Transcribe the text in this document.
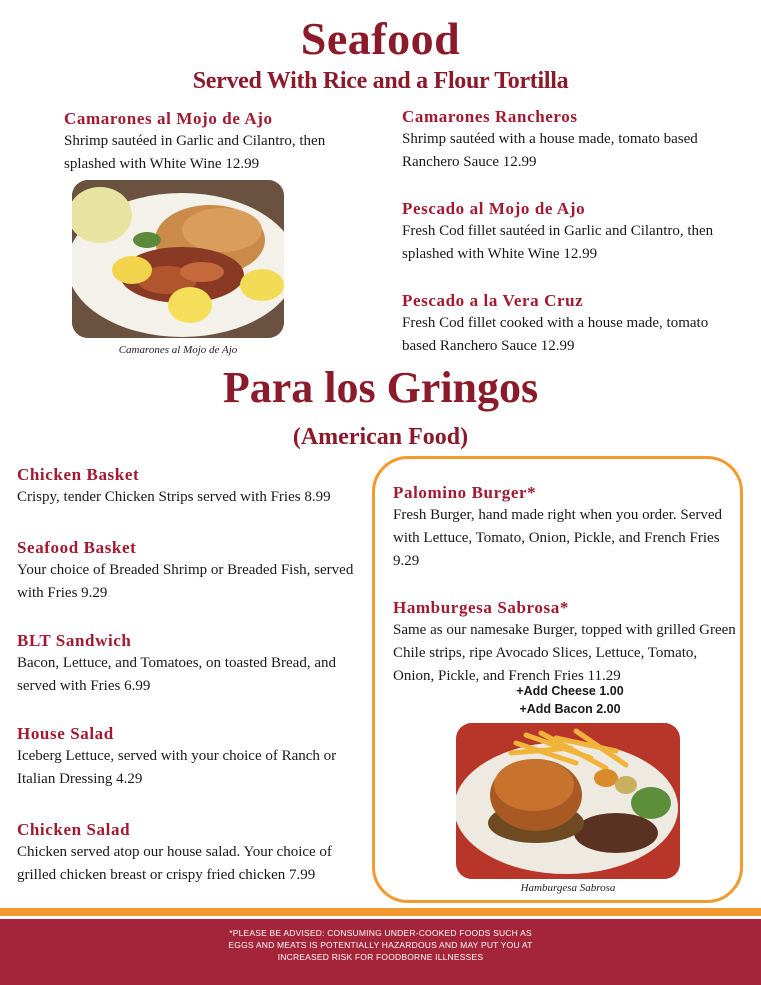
Seafood
Served With Rice and a Flour Tortilla
Camarones al Mojo de Ajo
Shrimp sautéed in Garlic and Cilantro, then splashed with White Wine 12.99
Camarones Rancheros
Shrimp sautéed with a house made, tomato based Ranchero Sauce 12.99
Pescado al Mojo de Ajo
Fresh Cod fillet sautéed in Garlic and Cilantro, then splashed with White Wine 12.99
Pescado a la Vera Cruz
Fresh Cod fillet cooked with a house made, tomato based Ranchero Sauce 12.99
Camarones al Mojo de Ajo
Para los Gringos
(American Food)
Chicken Basket
Crispy, tender Chicken Strips served with Fries 8.99
Seafood Basket
Your choice of Breaded Shrimp or Breaded Fish, served with Fries 9.29
BLT Sandwich
Bacon, Lettuce, and Tomatoes, on toasted Bread, and served with Fries 6.99
House Salad
Iceberg Lettuce, served with your choice of Ranch or Italian Dressing 4.29
Chicken Salad
Chicken served atop our house salad. Your choice of grilled chicken breast or crispy fried chicken 7.99
Palomino Burger*
Fresh Burger, hand made right when you order. Served with Lettuce, Tomato, Onion, Pickle, and French Fries 9.29
Hamburgesa Sabrosa*
Same as our namesake Burger, topped with grilled Green Chile strips, ripe Avocado Slices, Lettuce, Tomato, Onion, Pickle, and French Fries 11.29
+Add Cheese 1.00
+Add Bacon 2.00
Hamburgesa Sabrosa
*PLEASE BE ADVISED: CONSUMING UNDER-COOKED FOODS SUCH AS
EGGS AND MEATS IS POTENTIALLY HAZARDOUS AND MAY PUT YOU AT
INCREASED RISK FOR FOODBORNE ILLNESSES
